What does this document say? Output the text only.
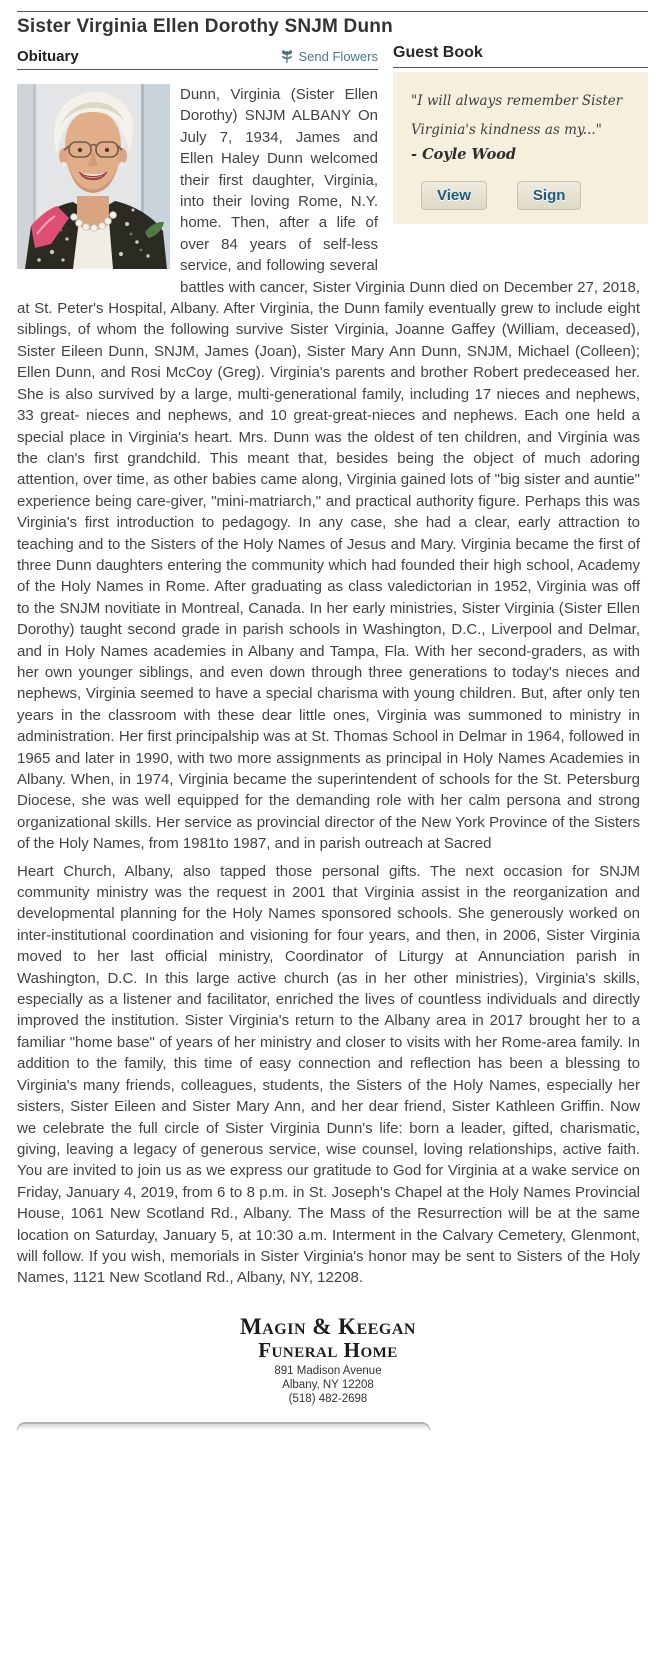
Sister Virginia Ellen Dorothy SNJM Dunn
Obituary	Send Flowers Guest Book

"I will always remember Sister Virginia's kindness as my..."

- Coyle Wood

View	Sign

Dunn, Virginia (Sister Ellen Dorothy) SNJM ALBANY On July 7, 1934, James and Ellen Haley Dunn welcomed their first daughter, Virginia, into their loving Rome, N.Y. home. Then, after a life of over 84 years of self-less service, and following several battles with cancer, Sister Virginia Dunn died on December 27, 2018, at St. Peter's Hospital, Albany. After Virginia, the Dunn family eventually grew to include eight siblings, of whom the following survive Sister Virginia, Joanne Gaffey (William, deceased), Sister Eileen Dunn, SNJM, James (Joan), Sister Mary Ann Dunn, SNJM, Michael (Colleen); Ellen Dunn, and Rosi McCoy (Greg). Virginia's parents and brother Robert predeceased her. She is also survived by a large, multi-generational family, including 17 nieces and nephews, 33 great- nieces and nephews, and 10 great-great-nieces and nephews. Each one held a special place in Virginia's heart. Mrs. Dunn was the oldest of ten children, and Virginia was the clan's first grandchild. This meant that, besides being the object of much adoring attention, over time, as other babies came along, Virginia gained lots of "big sister and auntie" experience being care-giver, "mini-matriarch," and practical authority figure. Perhaps this was Virginia's first introduction to pedagogy. In any case, she had a clear, early attraction to teaching and to the Sisters of the Holy Names of Jesus and Mary. Virginia became the first of three Dunn daughters entering the community which had founded their high school, Academy of the Holy Names in Rome. After graduating as class valedictorian in 1952, Virginia was off to the SNJM novitiate in Montreal, Canada. In her early ministries, Sister Virginia (Sister Ellen Dorothy) taught second grade in parish schools in Washington, D.C., Liverpool and Delmar, and in Holy Names academies in Albany and Tampa, Fla. With her second-graders, as with her own younger siblings, and even down through three generations to today's nieces and nephews, Virginia seemed to have a special charisma with young children. But, after only ten years in the classroom with these dear little ones, Virginia was summoned to ministry in administration. Her first principalship was at St. Thomas School in Delmar in 1964, followed in 1965 and later in 1990, with two more assignments as principal in Holy Names Academies in Albany. When, in 1974, Virginia became the superintendent of schools for the St. Petersburg Diocese, she was well equipped for the demanding role with her calm persona and strong organizational skills. Her service as provincial director of the New York Province of the Sisters of the Holy Names, from 1981to 1987, and in parish outreach at Sacred

Heart Church, Albany, also tapped those personal gifts. The next occasion for SNJM community ministry was the request in 2001 that Virginia assist in the reorganization and developmental planning for the Holy Names sponsored schools. She generously worked on inter-institutional coordination and visioning for four years, and then, in 2006, Sister Virginia moved to her last official ministry, Coordinator of Liturgy at Annunciation parish in Washington, D.C. In this large active church (as in her other ministries), Virginia's skills, especially as a listener and facilitator, enriched the lives of countless individuals and directly improved the institution. Sister Virginia's return to the Albany area in 2017 brought her to a familiar "home base" of years of her ministry and closer to visits with her Rome-area family. In addition to the family, this time of easy connection and reflection has been a blessing to Virginia's many friends, colleagues, students, the Sisters of the Holy Names, especially her sisters, Sister Eileen and Sister Mary Ann, and her dear friend, Sister Kathleen Griffin. Now we celebrate the full circle of Sister Virginia Dunn's life: born a leader, gifted, charismatic, giving, leaving a legacy of generous service, wise counsel, loving relationships, active faith. You are invited to join us as we express our gratitude to God for Virginia at a wake service on Friday, January 4, 2019, from 6 to 8 p.m. in St. Joseph's Chapel at the Holy Names Provincial House, 1061 New Scotland Rd., Albany. The Mass of the Resurrection will be at the same location on Saturday, January 5, at 10:30 a.m. Interment in the Calvary Cemetery, Glenmont, will follow. If you wish, memorials in Sister Virginia's honor may be sent to Sisters of the Holy Names, 1121 New Scotland Rd., Albany, NY, 12208.

Magin & Keegan
Funeral Home
891 Madison Avenue
Albany, NY 12208
(518) 482-2698
